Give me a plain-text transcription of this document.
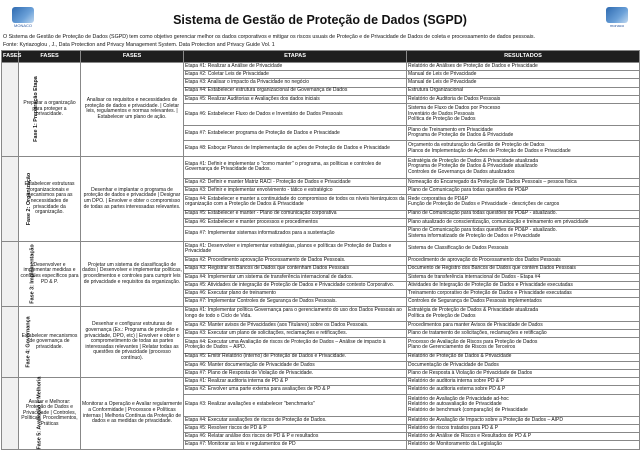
MONACO	Sistema de Gestão de Proteção de Dados (SGPD)	monaco
O Sistema de Gestão de Proteção de Dados (SGPD) tem como objetivo gerenciar melhor os dados corporativos e mitigar os riscos usuais de Proteção e de Privacidade de Dados de coleta e processamento de dados pessoais.
Fonte: Kyriazoglou , J., Data Protection and Privacy Management System. Data Protection and Privacy Guide Vol. 1
FASES	FASES	FASES	ETAPAS	RESULTADOS
Fase 1: Preparação Etapa	Preparar a organização para proteger a privacidade.	Analisar os requisitos e necessidades de proteção de dados e privacidade. | Coletar leis, regulamentos e normas relevantes. | Estabelecer um plano de ação.	Etapa #1: Realizar a Análise de Privacidade	Relatório de Análises de Proteção de Dados e Privacidade
			Etapa #2: Coletar Leis de Privacidade	Manual de Leis de Privacidade
			Etapa #3: Analisar o impacto da Privacidade no negócio	Manual de Leis de Privacidade
			Etapa #4: Estabelecer estrutura organizacional de Governança de Dados	Estrutura Organizacional
			Etapa #5: Realizar Auditorias e Avaliações dos dados iniciais	Relatório de Auditoria de Dados Pessoais
			Etapa #6: Estabelecer Fluxo de Dados e Inventário de Dados Pessoais	Sistema de Fluxo de Dados por Processo
Inventário de Dados Pessoais
Política de Proteção de Dados
			Etapa #7: Estabelecer programa de Proteção de Dados e Privacidade	Plano de Treinamento em Privacidade
Programa de Proteção de Dados & Privacidade
			Etapa #8: Esboçar Planos de Implementação de ações de Proteção de Dados e Privacidade	Orçamento da estruturação da Gestão de Proteção de Dados
Planos de Implementação de Ações de Proteção de Dados e Privacidade
Fase 2: Organização	Estabelecer estruturas organizacionais e mecanismos para as necessidades de privacidade da organização.	Desenhar e implantar o programa de proteção de dados e privacidade | Designar um DPO. | Envolver e obter o compromisso de todas as partes interessadas relevantes.	Etapa #1: Definir e implementar o "como manter" o programa, as políticas e controles de Governança de Privacidade de Dados.	Estratégia de Proteção de Dados & Privacidade atualizada
Programa de Proteção de Dados & Privacidade atualizado
Controles de Governança de Dados atualizados
			Etapa #2: Definir e manter Matriz RACI - Proteção de Dados e Privacidade	Nomeação do Encarregado da Proteção de Dados Pessoais – pessoa física
			Etapa #3: Definir e implementar envolvimento - tático e estratégico	Plano de Comunicação para todas questões de PD&P
			Etapa #4: Estabelecer e manter a continuidade do compromisso de todos os níveis hierárquicos da organização com a Proteção de Dados & Privacidade	Rede corporativa de PD&P
Função de Proteção de Dados e Privacidade - descrições de cargos
			Etapa #5: Estabelecer e manter - Plano de comunicação corporativa	Plano de Comunicação para todas questões de PD&P - atualizado.
			Etapa #6: Estabelecer e manter processos e procedimentos	Plano atualizado de conscientização, comunicação e treinamento em privacidade
			Etapa #7: Implementar sistemas informatizados para a sustentação	Plano de Comunicação para todas questões de PD&P - atualizado.
Sistema informatizado de Proteção de Dados e Privacidade
Fase 3: Implementação	Desenvolver e implementar medidas e controles específicos para PD & P.	Projetar um sistema de classificação de dados | Desenvolver e implementar políticas, procedimentos e controles para cumprir leis de privacidade e requisitos da organização.	Etapa #1: Desenvolver e implementar estratégias, planos e políticas de Proteção de Dados e Privacidade	Sistema de Classificação de Dados Pessoais
			Etapa #2: Procedimento aprovação Processamento de Dados Pessoais.	Procedimento de aprovação do Processamento dos Dados Pessoais
			Etapa #3: Registrar os Bancos de Dados que contenham Dados Pessoais	Documento de Registro dos Bancos de Dados que contém Dados Pessoais
			Etapa #4: Implementar um sistema de transferência internacional de dados.	Sistema de transferência internacional de Dados - Etapa #4
			Etapa #5: Atividades de integração de Proteção de Dados e Privacidade contexto Corporativo.	Atividades de Integração de Proteção de Dados e Privacidade executadas
			Etapa #6: Executar plano de treinamento	Treinamento corporativo de Proteção de Dados e Privacidade executadas
			Etapa #7: Implementar Controles de Segurança de Dados Pessoais.	Controles de Segurança de Dados Pessoais implementados
Fase 4: Governança	Estabelecer mecanismos de governança de privacidade.	Desenhar e configurar estruturas de governança (Ex.: Programa de proteção e privacidade, DPO, etc) | Envolver e obter o comprometimento de todas as partes interessadas relevantes | Relatar todas as questões de privacidade (processo contínuo).	Etapa #1: Implementar política Governança para o gerenciamento do uso dos Dados Pessoais ao longo de todo o Ciclo de Vida.	Estratégia de Proteção de Dados & Privacidade atualizada
Política de Proteção de Dados
			Etapa #2: Manter avisos de Privacidades (aos Titulares) sobre os Dados Pessoais.	Procedimentos para manter Avisos de Privacidade de Dados
			Etapa #3: Executar um plano de solicitações, reclamações e retificações.	Plano de tratamento de solicitações, reclamações e retificação
			Etapa #4: Executar uma Avaliação de riscos de Proteção de Dados – Análise de impacto à Proteção de Dados – AIPD.	Processo de Avaliação de Riscos para Proteção de Dados
Plano de Gerenciamento de Riscos de Terceiros
			Etapa #5: Emitir Relatório (interno) de Proteção de Dados e Privacidade.	Relatório de Proteção de Dados & Privacidade
			Etapa #6: Manter documentação de Privacidade de Dados	Documentação de Privacidade de Dados
			Etapa #7: Plano de Resposta de Violação de Privacidade.	Plano de Resposta à Violação de Privacidade de Dados
Fase 5: Avaliação e Melhoria	Avaliar e Melhorar: Proteção de Dados e Privacidade | Controles, Políticas, Procedimentos, Práticas	Monitorar a Operação e Avaliar regularmente a Conformidade | Processos e Políticas internas | Melhoria Contínua da Proteção de dados e as medidas de privacidade.	Etapa #1: Realizar auditoria interna de PD & P	Relatório de auditoria interna sobre PD & P
			Etapa #2: Envolver uma parte externa para avaliações de PD & P	Relatório de auditoria externa sobre PD & P
			Etapa #3: Realizar avaliações e estabelecer "benchmarks"	Relatório de Avaliação de Privacidade ad-hoc
Relatório de autoavaliação de Privacidade
Relatório de benchmark (comparação) de Privacidade
			Etapa #4: Executar avaliações de riscos de Proteção de Dados.	Relatório de Avaliação de Impacto sobre a Proteção de Dados – AIPD
			Etapa #5: Resolver riscos de PD & P	Relatório de riscos tratados para PD & P
			Etapa #6: Relatar análise dos riscos de PD & P e resultados	Relatório de Análise de Riscos e Resultados de PD & P
			Etapa #7: Monitorar as leis e regulamentos de PD	Relatório de Monitoramento da Legislação
